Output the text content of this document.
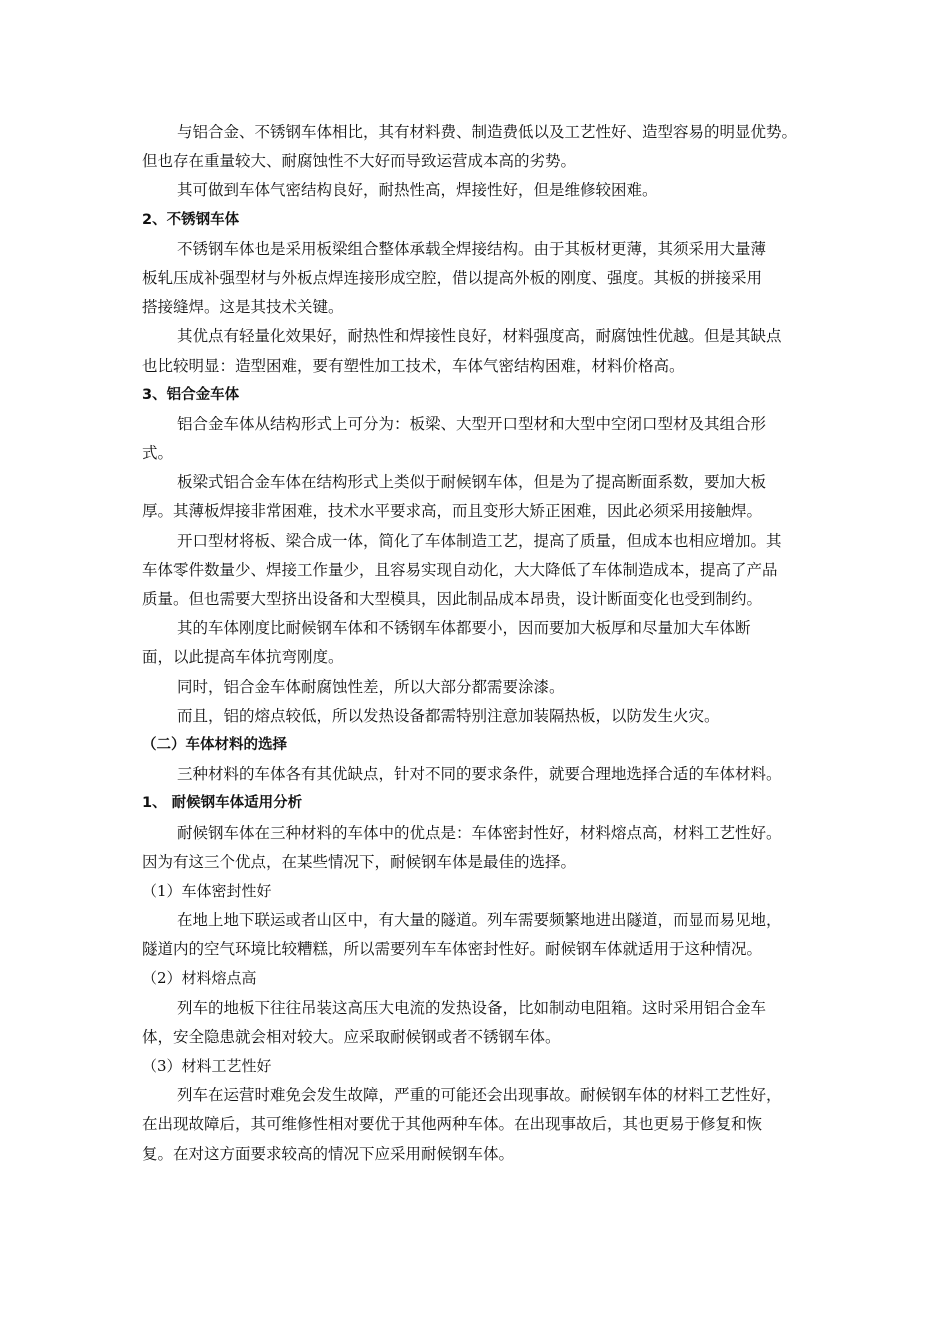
与铝合金、不锈钢车体相比，其有材料费、制造费低以及工艺性好、造型容易的明显优势。
但也存在重量较大、耐腐蚀性不大好而导致运营成本高的劣势。
其可做到车体气密结构良好，耐热性高，焊接性好，但是维修较困难。
2、不锈钢车体
不锈钢车体也是采用板梁组合整体承载全焊接结构。由于其板材更薄，其须采用大量薄
板轧压成补强型材与外板点焊连接形成空腔，借以提高外板的刚度、强度。其板的拼接采用
搭接缝焊。这是其技术关键。
其优点有轻量化效果好，耐热性和焊接性良好，材料强度高，耐腐蚀性优越。但是其缺点
也比较明显：造型困难，要有塑性加工技术，车体气密结构困难，材料价格高。
3、铝合金车体
铝合金车体从结构形式上可分为：板梁、大型开口型材和大型中空闭口型材及其组合形
式。
板梁式铝合金车体在结构形式上类似于耐候钢车体，但是为了提高断面系数，要加大板
厚。其薄板焊接非常困难，技术水平要求高，而且变形大矫正困难，因此必须采用接触焊。
开口型材将板、梁合成一体，简化了车体制造工艺，提高了质量，但成本也相应增加。其
车体零件数量少、焊接工作量少，且容易实现自动化，大大降低了车体制造成本，提高了产品
质量。但也需要大型挤出设备和大型模具，因此制品成本昂贵，设计断面变化也受到制约。
其的车体刚度比耐候钢车体和不锈钢车体都要小，因而要加大板厚和尽量加大车体断
面，以此提高车体抗弯刚度。
同时，铝合金车体耐腐蚀性差，所以大部分都需要涂漆。
而且，铝的熔点较低，所以发热设备都需特别注意加装隔热板，以防发生火灾。
（二）车体材料的选择
三种材料的车体各有其优缺点，针对不同的要求条件，就要合理地选择合适的车体材料。
1、 耐候钢车体适用分析
耐候钢车体在三种材料的车体中的优点是：车体密封性好，材料熔点高，材料工艺性好。
因为有这三个优点，在某些情况下，耐候钢车体是最佳的选择。
（1）车体密封性好
在地上地下联运或者山区中，有大量的隧道。列车需要频繁地进出隧道，而显而易见地，
隧道内的空气环境比较糟糕，所以需要列车车体密封性好。耐候钢车体就适用于这种情况。
（2）材料熔点高
列车的地板下往往吊装这高压大电流的发热设备，比如制动电阻箱。这时采用铝合金车
体，安全隐患就会相对较大。应采取耐候钢或者不锈钢车体。
（3）材料工艺性好
列车在运营时难免会发生故障，严重的可能还会出现事故。耐候钢车体的材料工艺性好，
在出现故障后，其可维修性相对要优于其他两种车体。在出现事故后，其也更易于修复和恢
复。在对这方面要求较高的情况下应采用耐候钢车体。
